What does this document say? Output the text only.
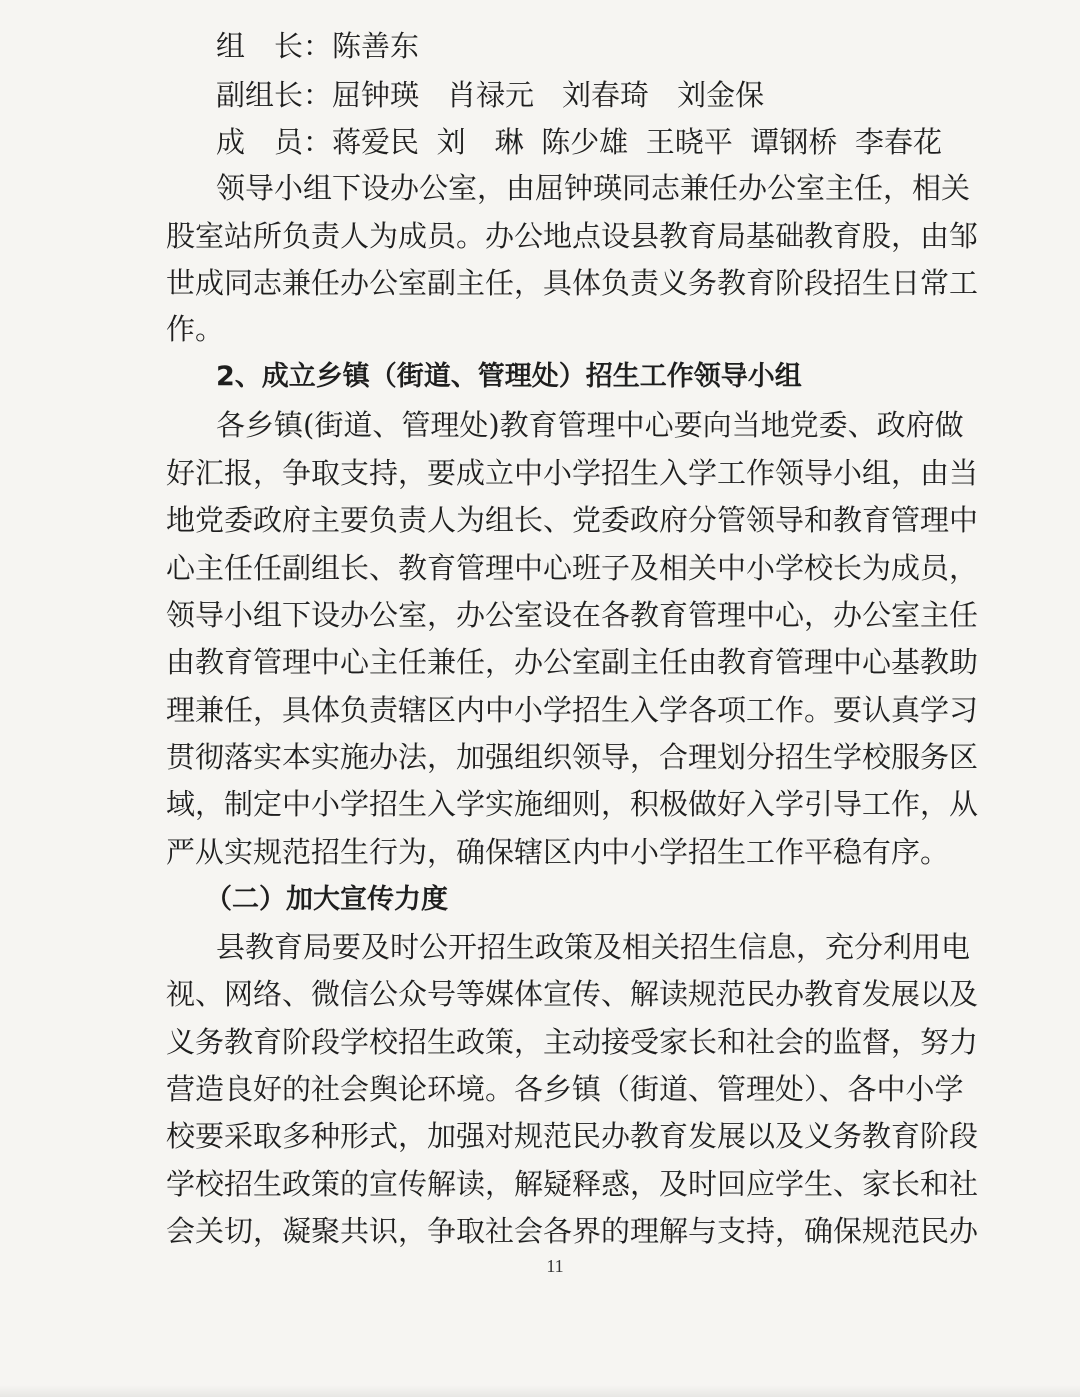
组　长：陈善东
副组长：屈钟瑛 肖禄元 刘春琦 刘金保
成　员：蒋爱民 刘　琳 陈少雄 王晓平 谭钢桥 李春花
领导小组下设办公室，由屈钟瑛同志兼任办公室主任，相关
股室站所负责人为成员。办公地点设县教育局基础教育股，由邹
世成同志兼任办公室副主任，具体负责义务教育阶段招生日常工
作。
2、成立乡镇（街道、管理处）招生工作领导小组
各乡镇(街道、管理处)教育管理中心要向当地党委、政府做
好汇报，争取支持，要成立中小学招生入学工作领导小组，由当
地党委政府主要负责人为组长、党委政府分管领导和教育管理中
心主任任副组长、教育管理中心班子及相关中小学校长为成员，
领导小组下设办公室，办公室设在各教育管理中心，办公室主任
由教育管理中心主任兼任，办公室副主任由教育管理中心基教助
理兼任，具体负责辖区内中小学招生入学各项工作。要认真学习
贯彻落实本实施办法，加强组织领导，合理划分招生学校服务区
域，制定中小学招生入学实施细则，积极做好入学引导工作，从
严从实规范招生行为，确保辖区内中小学招生工作平稳有序。
（二）加大宣传力度
县教育局要及时公开招生政策及相关招生信息，充分利用电
视、网络、微信公众号等媒体宣传、解读规范民办教育发展以及
义务教育阶段学校招生政策，主动接受家长和社会的监督，努力
营造良好的社会舆论环境。各乡镇（街道、管理处）、各中小学
校要采取多种形式，加强对规范民办教育发展以及义务教育阶段
学校招生政策的宣传解读，解疑释惑，及时回应学生、家长和社
会关切，凝聚共识，争取社会各界的理解与支持，确保规范民办
11
